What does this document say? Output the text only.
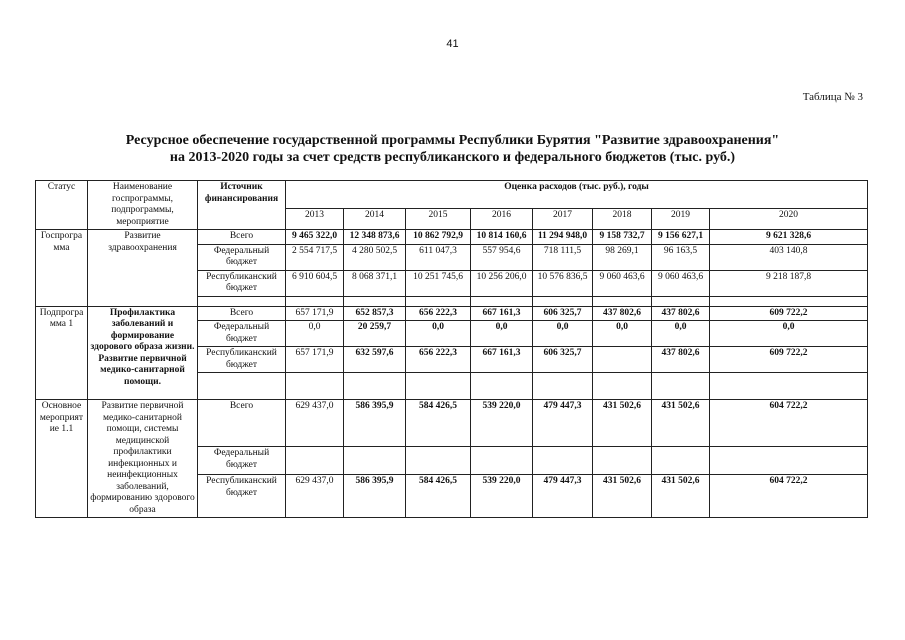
41
Таблица № 3
Ресурсное обеспечение государственной программы Республики Бурятия "Развитие здравоохранения"
на 2013-2020 годы за счет средств республиканского и федерального бюджетов (тыс. руб.)
Статус	Наименование госпрограммы, подпрограммы, мероприятие	Источник финансирования	Оценка расходов (тыс. руб.), годы							
			2013	2014	2015	2016	2017	2018	2019	2020
Госпрограмма	Развитие здравоохранения	Всего	9 465 322,0	12 348 873,6	10 862 792,9	10 814 160,6	11 294 948,0	9 158 732,7	9 156 627,1	9 621 328,6
		Федеральный бюджет	2 554 717,5	4 280 502,5	611 047,3	557 954,6	718 111,5	98 269,1	96 163,5	403 140,8
		Республиканский бюджет	6 910 604,5	8 068 371,1	10 251 745,6	10 256 206,0	10 576 836,5	9 060 463,6	9 060 463,6	9 218 187,8

Подпрограмма 1	Профилактика заболеваний и формирование здорового образа жизни. Развитие первичной медико-санитарной помощи.	Всего	657 171,9	652 857,3	656 222,3	667 161,3	606 325,7	437 802,6	437 802,6	609 722,2
		Федеральный бюджет	0,0	20 259,7	0,0	0,0	0,0	0,0	0,0	0,0
		Республиканский бюджет	657 171,9	632 597,6	656 222,3	667 161,3	606 325,7		437 802,6	609 722,2

Основное мероприятие 1.1	Развитие первичной медико-санитарной помощи, системы медицинской профилактики инфекционных и неинфекционных заболеваний, формированию здорового образа	Всего	629 437,0	586 395,9	584 426,5	539 220,0	479 447,3	431 502,6	431 502,6	604 722,2
		Федеральный бюджет								
		Республиканский бюджет	629 437,0	586 395,9	584 426,5	539 220,0	479 447,3	431 502,6	431 502,6	604 722,2
